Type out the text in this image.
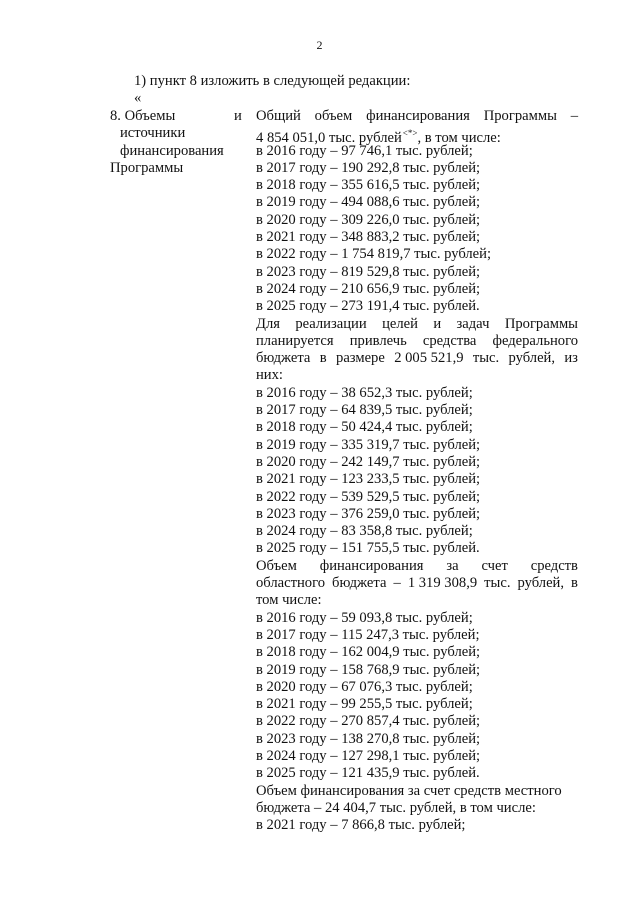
2
1) пункт 8 изложить в следующей редакции:
«
8. Объемы
источники
финансирования
Программы
и Общий объем финансирования Программы –
4 854 051,0 тыс. рублей<*>, в том числе:
в 2016 году – 97 746,1 тыс. рублей;
в 2017 году – 190 292,8 тыс. рублей;
в 2018 году – 355 616,5 тыс. рублей;
в 2019 году – 494 088,6 тыс. рублей;
в 2020 году – 309 226,0 тыс. рублей;
в 2021 году – 348 883,2 тыс. рублей;
в 2022 году – 1 754 819,7 тыс. рублей;
в 2023 году – 819 529,8 тыс. рублей;
в 2024 году – 210 656,9 тыс. рублей;
в 2025 году – 273 191,4 тыс. рублей.
Для реализации целей и задач Программы
планируется привлечь средства федерального
бюджета в размере 2 005 521,9 тыс. рублей, из
них:
в 2016 году – 38 652,3 тыс. рублей;
в 2017 году – 64 839,5 тыс. рублей;
в 2018 году – 50 424,4 тыс. рублей;
в 2019 году – 335 319,7 тыс. рублей;
в 2020 году – 242 149,7 тыс. рублей;
в 2021 году – 123 233,5 тыс. рублей;
в 2022 году – 539 529,5 тыс. рублей;
в 2023 году – 376 259,0 тыс. рублей;
в 2024 году – 83 358,8 тыс. рублей;
в 2025 году – 151 755,5 тыс. рублей.
Объем финансирования за счет средств
областного бюджета – 1 319 308,9 тыс. рублей, в
том числе:
в 2016 году – 59 093,8 тыс. рублей;
в 2017 году – 115 247,3 тыс. рублей;
в 2018 году – 162 004,9 тыс. рублей;
в 2019 году – 158 768,9 тыс. рублей;
в 2020 году – 67 076,3 тыс. рублей;
в 2021 году – 99 255,5 тыс. рублей;
в 2022 году – 270 857,4 тыс. рублей;
в 2023 году – 138 270,8 тыс. рублей;
в 2024 году – 127 298,1 тыс. рублей;
в 2025 году – 121 435,9 тыс. рублей.
Объем финансирования за счет средств местного
бюджета – 24 404,7 тыс. рублей, в том числе:
в 2021 году – 7 866,8 тыс. рублей;
